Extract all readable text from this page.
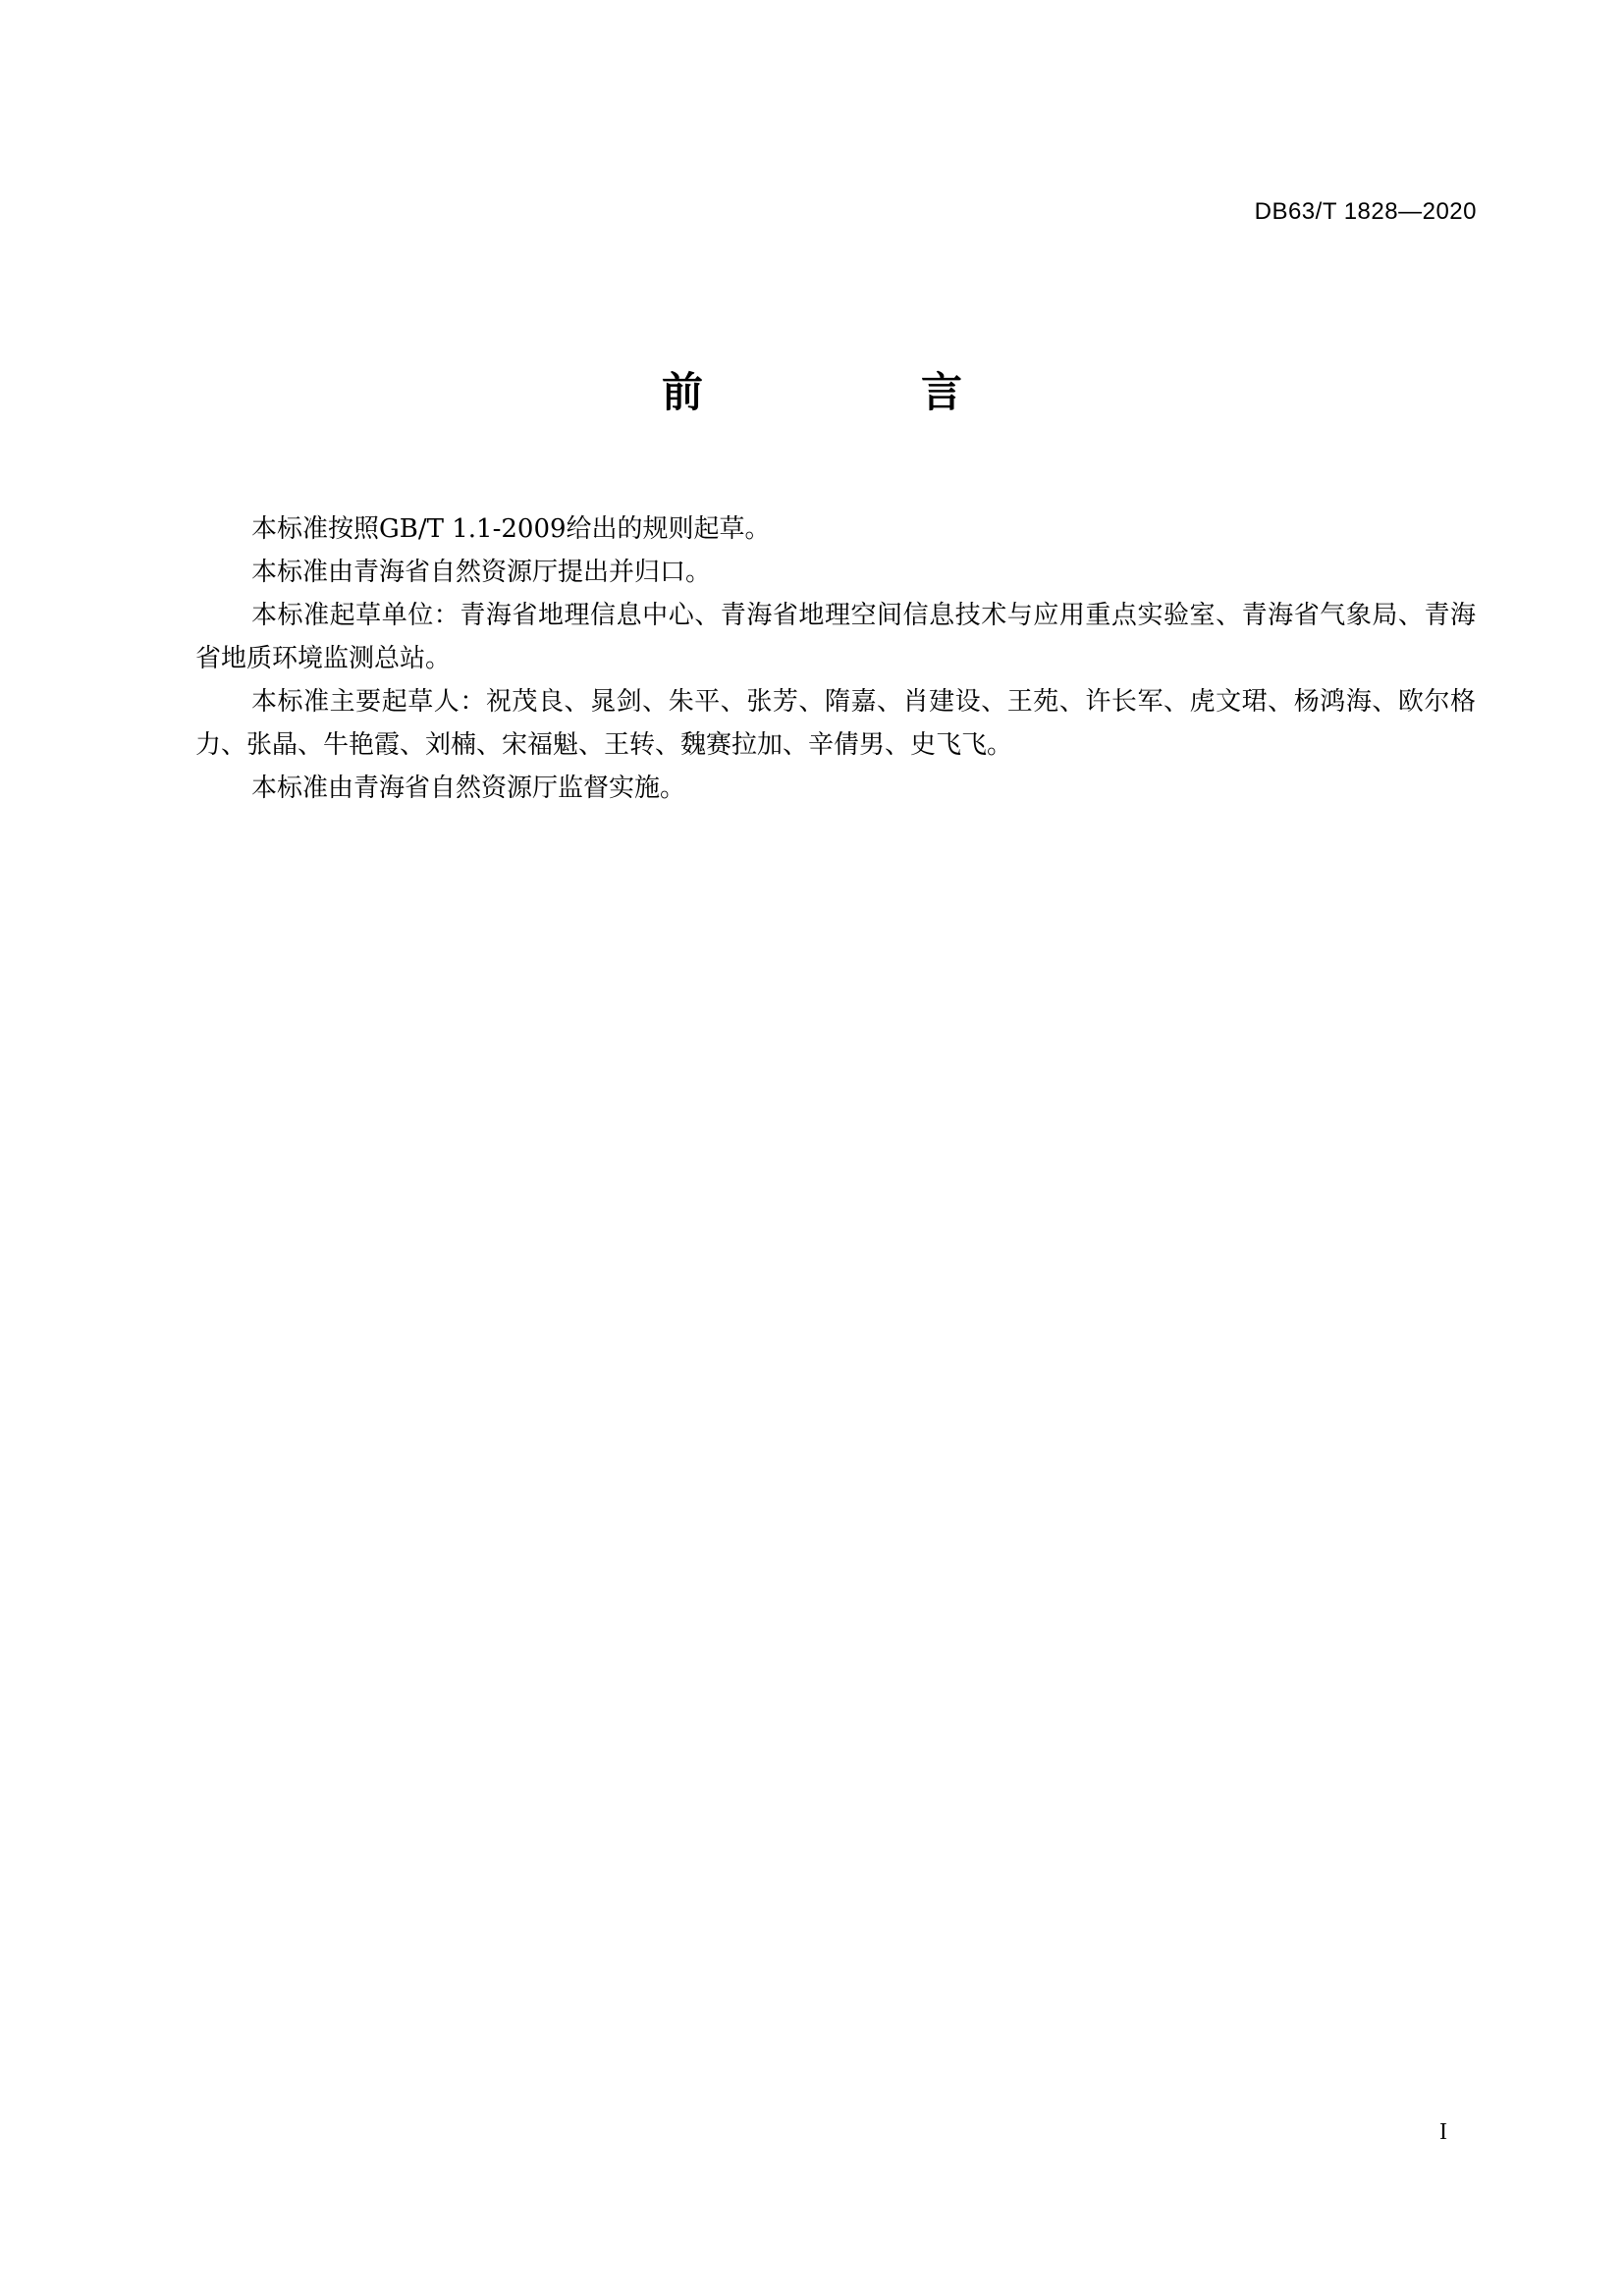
DB63/T 1828—2020
前　言

本标准按照GB/T 1.1-2009给出的规则起草。

本标准由青海省自然资源厅提出并归口。

本标准起草单位：青海省地理信息中心、青海省地理空间信息技术与应用重点实验室、青海省气象局、青海省地质环境监测总站。

本标准主要起草人：祝茂良、晁剑、朱平、张芳、隋嘉、肖建设、王苑、许长军、虎文珺、杨鸿海、欧尔格力、张晶、牛艳霞、刘楠、宋福魁、王转、魏赛拉加、辛倩男、史飞飞。

本标准由青海省自然资源厅监督实施。

I
